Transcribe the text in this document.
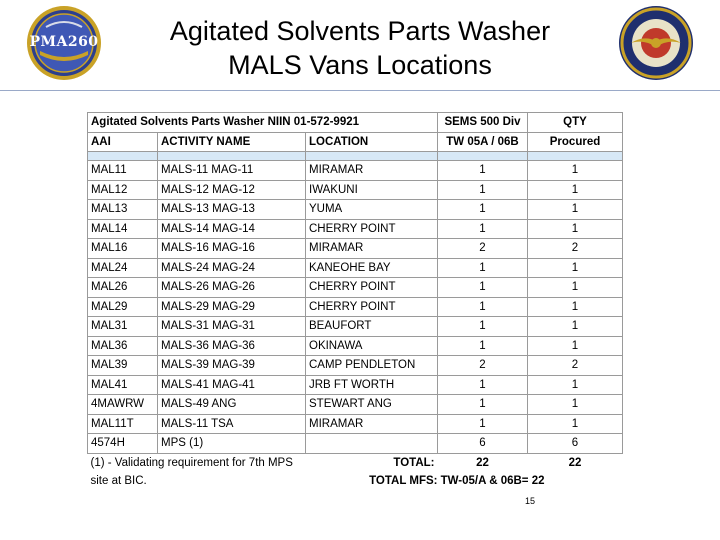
Agitated Solvents Parts Washer
MALS Vans Locations
PMA260
Agitated Solvents Parts Washer NIIN 01-572-9921			SEMS 500 Div	QTY
AAI	ACTIVITY NAME	LOCATION	TW 05A / 06B	Procured

MAL11	MALS-11 MAG-11	MIRAMAR	1	1
MAL12	MALS-12 MAG-12	IWAKUNI	1	1
MAL13	MALS-13 MAG-13	YUMA	1	1
MAL14	MALS-14 MAG-14	CHERRY POINT	1	1
MAL16	MALS-16 MAG-16	MIRAMAR	2	2
MAL24	MALS-24 MAG-24	KANEOHE BAY	1	1
MAL26	MALS-26 MAG-26	CHERRY POINT	1	1
MAL29	MALS-29 MAG-29	CHERRY POINT	1	1
MAL31	MALS-31 MAG-31	BEAUFORT	1	1
MAL36	MALS-36 MAG-36	OKINAWA	1	1
MAL39	MALS-39 MAG-39	CAMP PENDLETON	2	2
MAL41	MALS-41 MAG-41	JRB FT WORTH	1	1
4MAWRW	MALS-49 ANG	STEWART ANG	1	1
MAL11T	MALS-11 TSA	MIRAMAR	1	1
4574H	MPS (1)		6	6
(1) - Validating requirement for 7th MPS		TOTAL:	22	22
site at BIC.		TOTAL MFS: TW-05/A & 06B= 22		
15
